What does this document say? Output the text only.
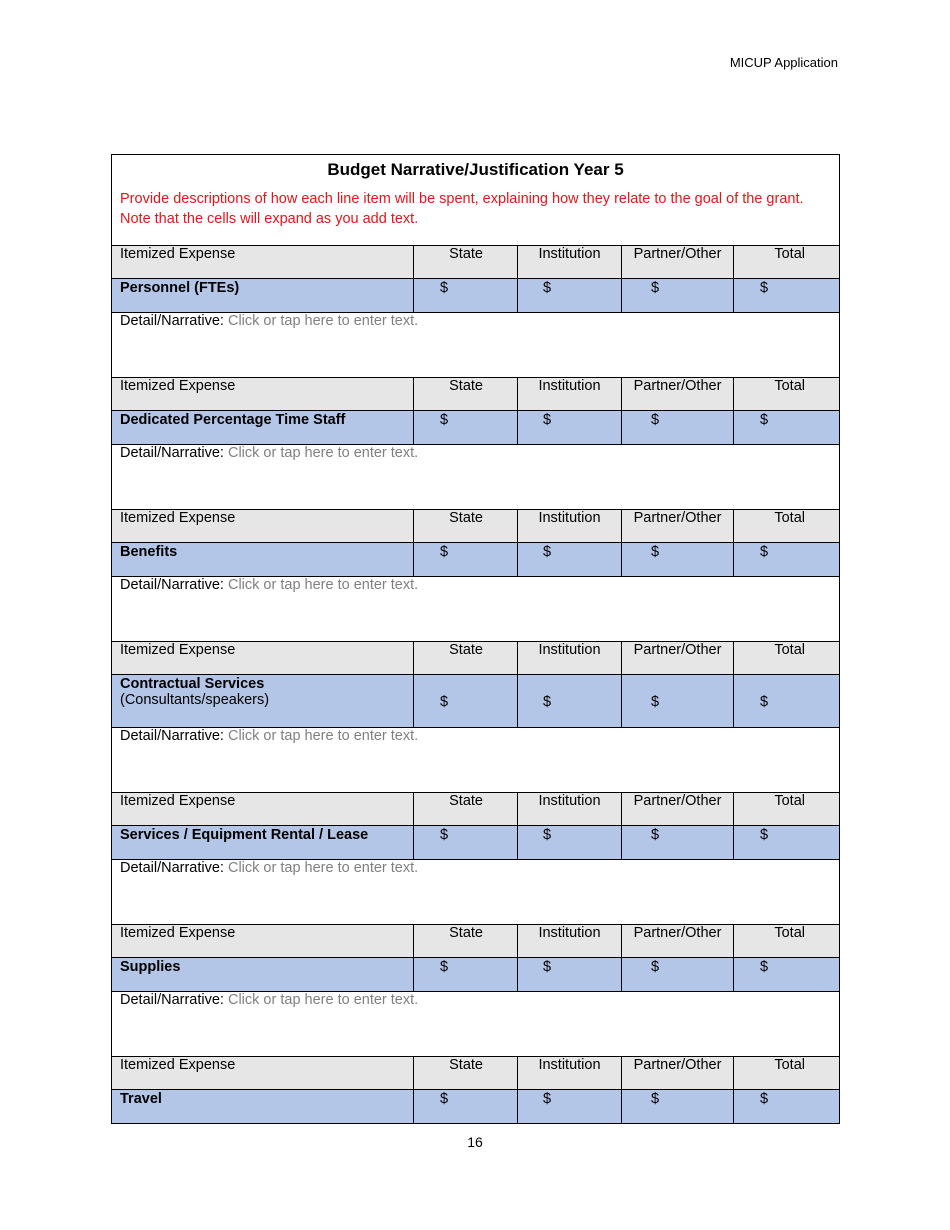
MICUP Application
Budget Narrative/Justification Year 5				
Provide descriptions of how each line item will be spent, explaining how they relate to the goal of the grant. Note that the cells will expand as you add text.				
Itemized Expense	State	Institution	Partner/Other	Total

Personnel (FTEs)	$	$	$	$

Detail/Narrative: Click or tap here to enter text.				
Itemized Expense	State	Institution	Partner/Other	Total

Dedicated Percentage Time Staff	$	$	$	$

Detail/Narrative: Click or tap here to enter text.				
Itemized Expense	State	Institution	Partner/Other	Total

Benefits	$	$	$	$

Detail/Narrative: Click or tap here to enter text.				
Itemized Expense	State	Institution	Partner/Other	Total

Contractual Services
(Consultants/speakers)	$	$	$	$

Detail/Narrative: Click or tap here to enter text.				
Itemized Expense	State	Institution	Partner/Other	Total

Services / Equipment Rental / Lease	$	$	$	$

Detail/Narrative: Click or tap here to enter text.				
Itemized Expense	State	Institution	Partner/Other	Total

Supplies	$	$	$	$

Detail/Narrative: Click or tap here to enter text.				
Itemized Expense	State	Institution	Partner/Other	Total

Travel	$	$	$	$
16
